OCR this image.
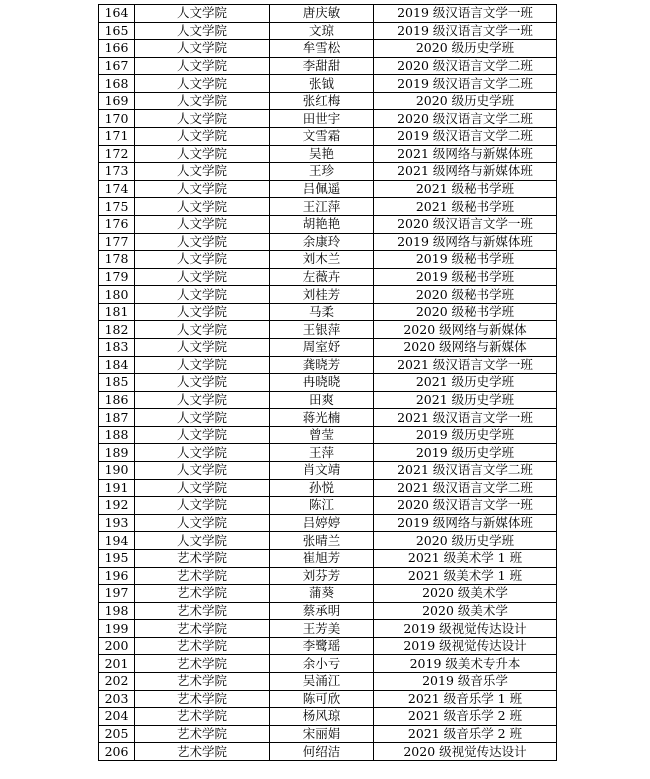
164	人文学院	唐庆敏	2019 级汉语言文学一班
165	人文学院	文琼	2019 级汉语言文学一班
166	人文学院	牟雪松	2020 级历史学班
167	人文学院	李甜甜	2020 级汉语言文学二班
168	人文学院	张钺	2019 级汉语言文学二班
169	人文学院	张红梅	2020 级历史学班
170	人文学院	田世宇	2020 级汉语言文学二班
171	人文学院	文雪霜	2019 级汉语言文学二班
172	人文学院	吴艳	2021 级网络与新媒体班
173	人文学院	王珍	2021 级网络与新媒体班
174	人文学院	吕佩遥	2021 级秘书学班
175	人文学院	王江萍	2021 级秘书学班
176	人文学院	胡艳艳	2020 级汉语言文学一班
177	人文学院	余康玲	2019 级网络与新媒体班
178	人文学院	刘木兰	2019 级秘书学班
179	人文学院	左薇卉	2019 级秘书学班
180	人文学院	刘桂芳	2020 级秘书学班
181	人文学院	马柔	2020 级秘书学班
182	人文学院	王银萍	2020 级网络与新媒体
183	人文学院	周室妤	2020 级网络与新媒体
184	人文学院	龚晓芳	2021 级汉语言文学一班
185	人文学院	冉晓晓	2021 级历史学班
186	人文学院	田爽	2021 级历史学班
187	人文学院	蒋光楠	2021 级汉语言文学一班
188	人文学院	曾莹	2019 级历史学班
189	人文学院	王萍	2019 级历史学班
190	人文学院	肖文靖	2021 级汉语言文学二班
191	人文学院	孙悦	2021 级汉语言文学二班
192	人文学院	陈江	2020 级汉语言文学一班
193	人文学院	吕婷婷	2019 级网络与新媒体班
194	人文学院	张晴兰	2020 级历史学班
195	艺术学院	崔旭芳	2021 级美术学 1 班
196	艺术学院	刘芬芳	2021 级美术学 1 班
197	艺术学院	蒲葵	2020 级美术学
198	艺术学院	蔡承明	2020 级美术学
199	艺术学院	王芳美	2019 级视觉传达设计
200	艺术学院	李鹭瑶	2019 级视觉传达设计
201	艺术学院	余小亏	2019 级美术专升本
202	艺术学院	吴涌江	2019 级音乐学
203	艺术学院	陈可欣	2021 级音乐学 1 班
204	艺术学院	杨风琼	2021 级音乐学 2 班
205	艺术学院	宋丽娟	2021 级音乐学 2 班
206	艺术学院	何绍洁	2020 级视觉传达设计
